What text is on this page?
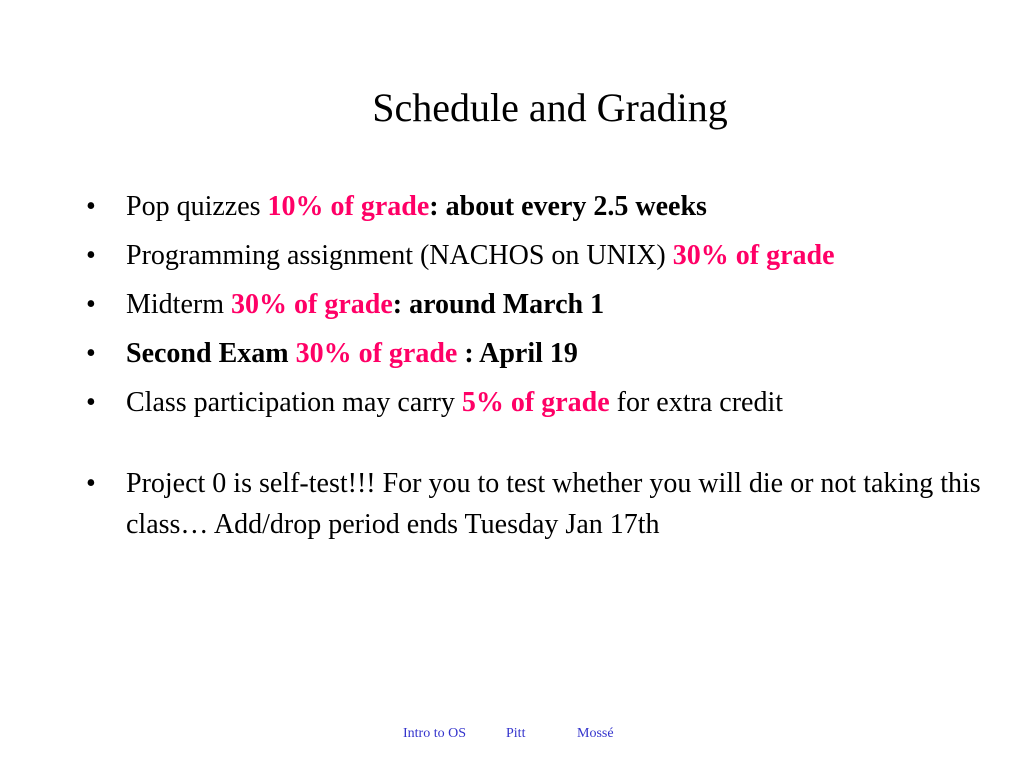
Schedule and Grading
•	Pop quizzes 10% of grade: about every 2.5 weeks
•	Programming assignment (NACHOS on UNIX) 30% of grade
•	Midterm 30% of grade: around March 1
•	Second Exam 30% of grade : April 19
•	Class participation may carry 5% of grade for extra credit
•	Project 0 is self-test!!! For you to test whether you will die or not taking this class… Add/drop period ends Tuesday Jan 17th
Intro to OS	Pitt	Mossé
